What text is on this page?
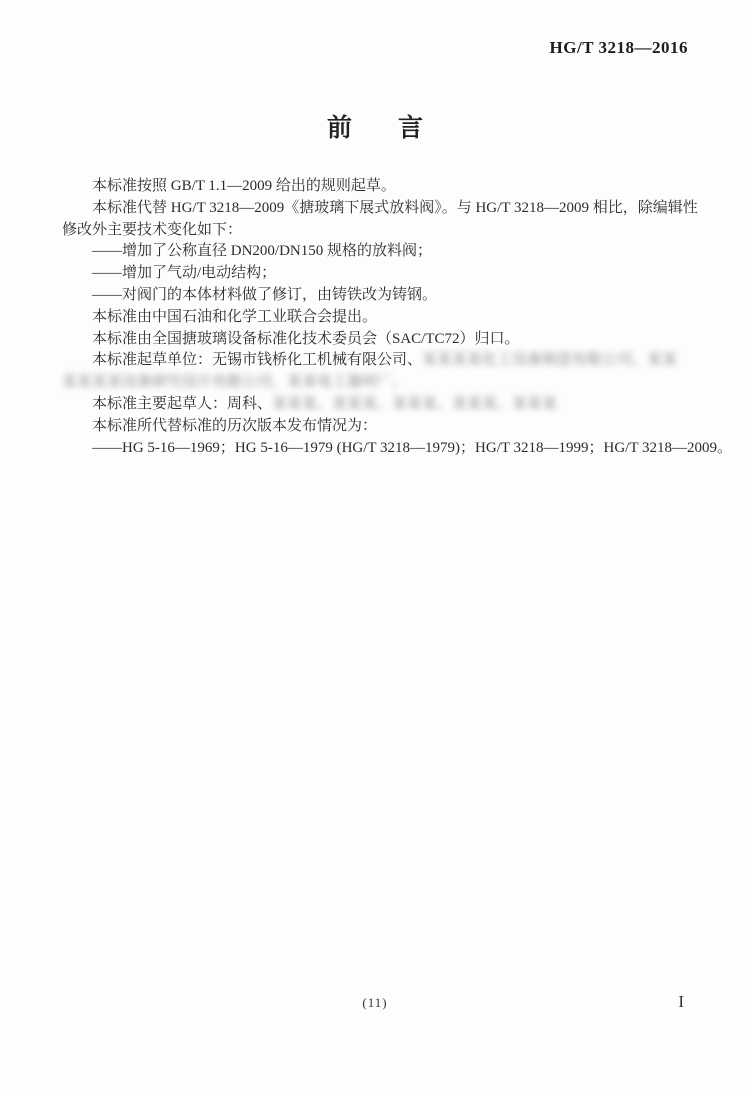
HG/T 3218—2016
前 言
本标准按照 GB/T 1.1—2009 给出的规则起草。
本标准代替 HG/T 3218—2009《搪玻璃下展式放料阀》。与 HG/T 3218—2009 相比，除编辑性
修改外主要技术变化如下：
——增加了公称直径 DN200/DN150 规格的放料阀；
——增加了气动/电动结构；
——对阀门的本体材料做了修订，由铸铁改为铸钢。
本标准由中国石油和化学工业联合会提出。
本标准由全国搪玻璃设备标准化技术委员会（SAC/TC72）归口。
本标准起草单位：无锡市钱桥化工机械有限公司、某某某某化工设备制造有限公司、某某
某某某某设备研究设计有限公司、某某电工器材厂。
本标准主要起草人：周科、某某某、某某某、某某某、某某某、某某某
本标准所代替标准的历次版本发布情况为：
——HG 5-16—1969；HG 5-16—1979 (HG/T 3218—1979)；HG/T 3218—1999；HG/T 3218—2009。
(11)	I
